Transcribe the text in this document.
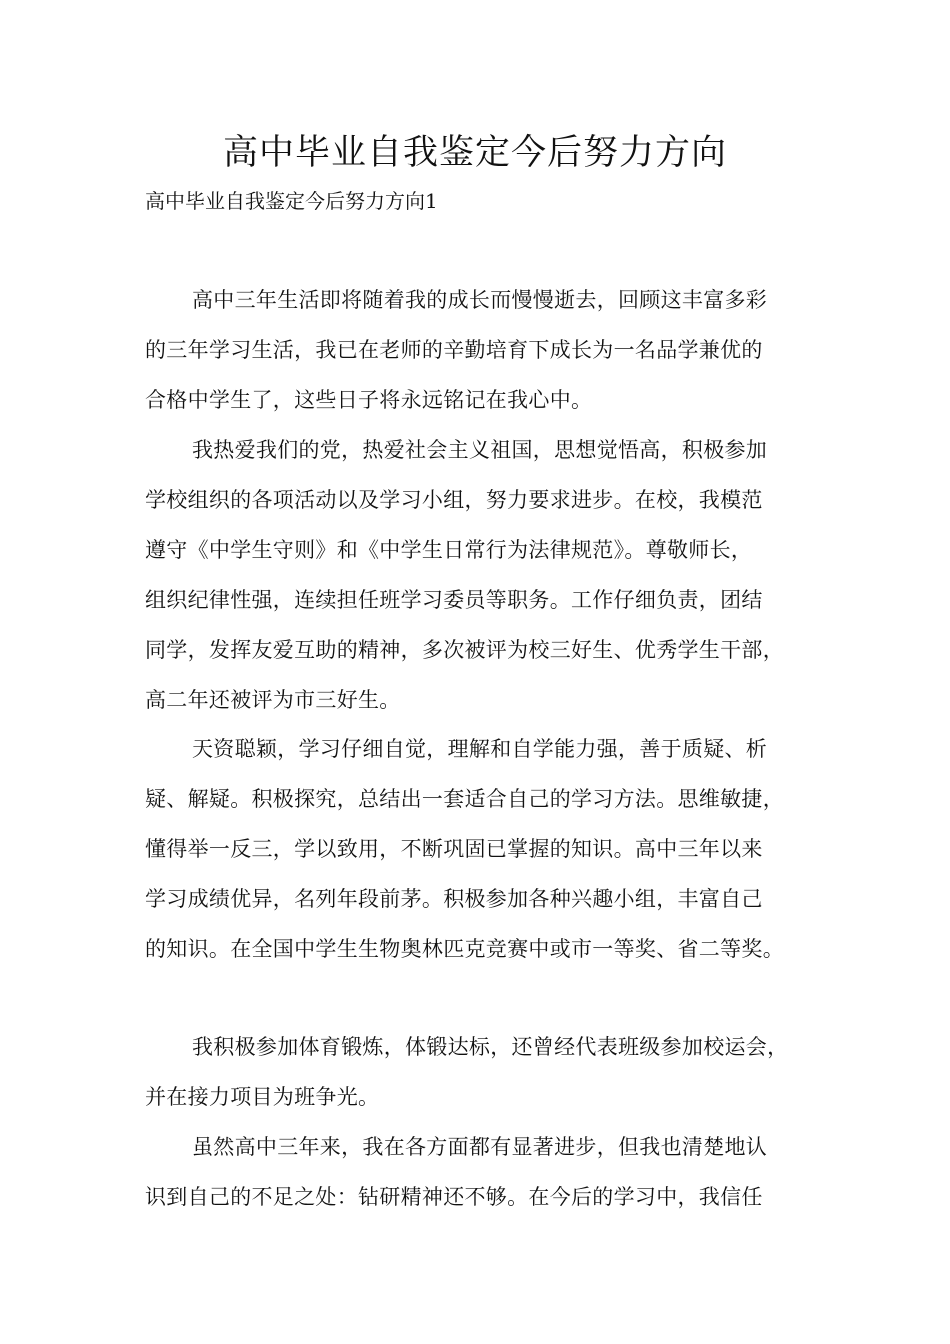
高中毕业自我鉴定今后努力方向
高中毕业自我鉴定今后努力方向1
高中三年生活即将随着我的成长而慢慢逝去，回顾这丰富多彩
的三年学习生活，我已在老师的辛勤培育下成长为一名品学兼优的
合格中学生了，这些日子将永远铭记在我心中。
我热爱我们的党，热爱社会主义祖国，思想觉悟高，积极参加
学校组织的各项活动以及学习小组，努力要求进步。在校，我模范
遵守《中学生守则》和《中学生日常行为法律规范》。尊敬师长，
组织纪律性强，连续担任班学习委员等职务。工作仔细负责，团结
同学，发挥友爱互助的精神，多次被评为校三好生、优秀学生干部，
高二年还被评为市三好生。
天资聪颖，学习仔细自觉，理解和自学能力强，善于质疑、析
疑、解疑。积极探究，总结出一套适合自己的学习方法。思维敏捷，
懂得举一反三，学以致用，不断巩固已掌握的知识。高中三年以来
学习成绩优异，名列年段前茅。积极参加各种兴趣小组，丰富自己
的知识。在全国中学生生物奥林匹克竞赛中或市一等奖、省二等奖。
我积极参加体育锻炼，体锻达标，还曾经代表班级参加校运会，
并在接力项目为班争光。
虽然高中三年来，我在各方面都有显著进步，但我也清楚地认
识到自己的不足之处：钻研精神还不够。在今后的学习中，我信任
